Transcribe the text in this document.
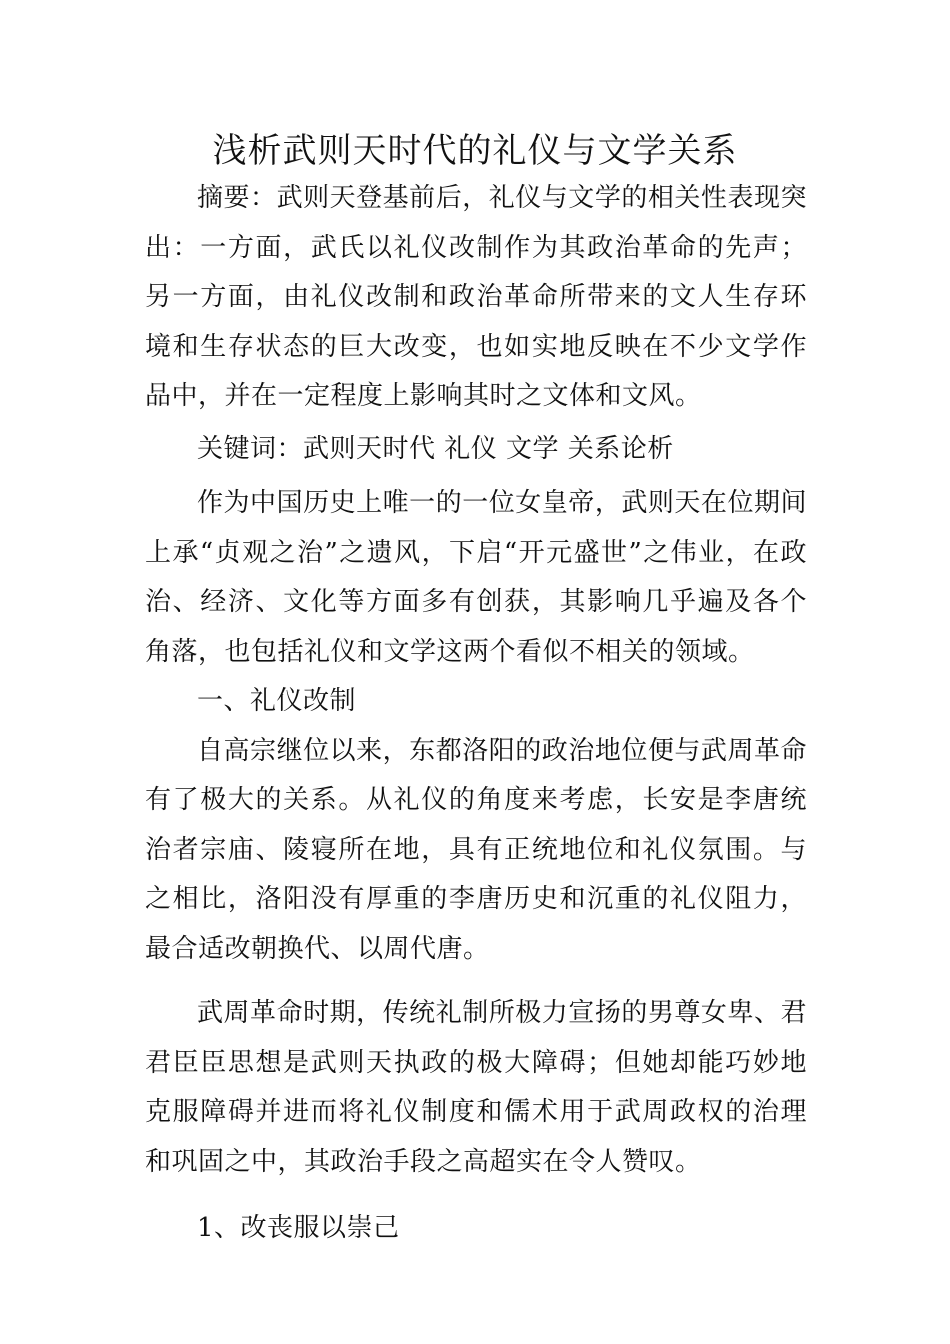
浅析武则天时代的礼仪与文学关系

摘要：武则天登基前后，礼仪与文学的相关性表现突出：一方面，武氏以礼仪改制作为其政治革命的先声；另一方面，由礼仪改制和政治革命所带来的文人生存环境和生存状态的巨大改变，也如实地反映在不少文学作品中，并在一定程度上影响其时之文体和文风。

关键词：武则天时代 礼仪 文学 关系论析

作为中国历史上唯一的一位女皇帝，武则天在位期间上承“贞观之治”之遗风，下启“开元盛世”之伟业，在政治、经济、文化等方面多有创获，其影响几乎遍及各个角落，也包括礼仪和文学这两个看似不相关的领域。

一、礼仪改制

自高宗继位以来，东都洛阳的政治地位便与武周革命有了极大的关系。从礼仪的角度来考虑，长安是李唐统治者宗庙、陵寝所在地，具有正统地位和礼仪氛围。与之相比，洛阳没有厚重的李唐历史和沉重的礼仪阻力，最合适改朝换代、以周代唐。

武周革命时期，传统礼制所极力宣扬的男尊女卑、君君臣臣思想是武则天执政的极大障碍；但她却能巧妙地克服障碍并进而将礼仪制度和儒术用于武周政权的治理和巩固之中，其政治手段之高超实在令人赞叹。

1、改丧服以崇己
